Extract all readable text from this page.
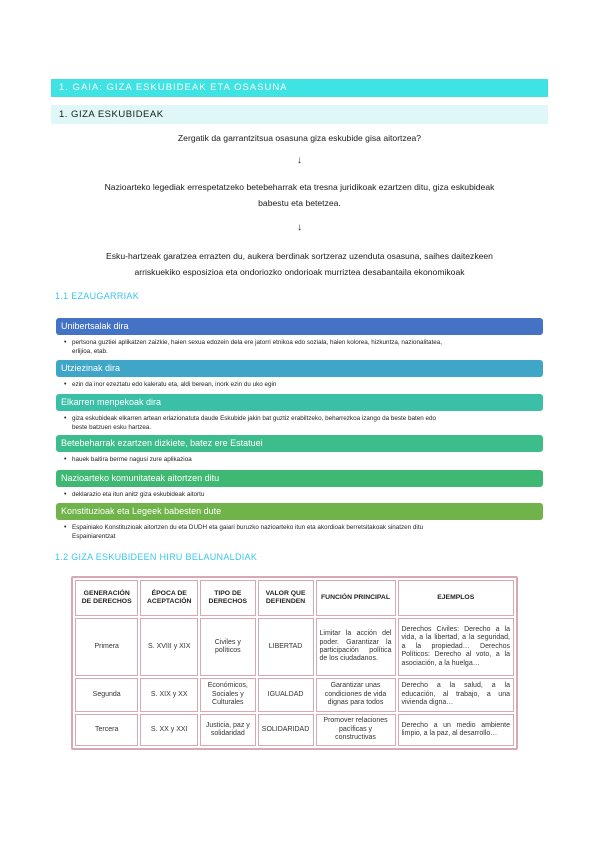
1. GAIA: GIZA ESKUBIDEAK ETA OSASUNA
1. GIZA ESKUBIDEAK
Zergatik da garrantzitsua osasuna giza eskubide gisa aitortzea?
↓
Nazioarteko legediak errespetatzeko betebeharrak eta tresna juridikoak ezartzen ditu, giza eskubideak
babestu eta betetzea.
↓
Esku-hartzeak garatzea errazten du, aukera berdinak sortzeraz uzenduta osasuna, saihes daitezkeen
arriskuekiko esposizioa eta ondoriozko ondorioak murriztea desabantaila ekonomikoak
1.1 EZAUGARRIAK
Unibertsalak dira
• pertsona guztiei aplikatzen zaizkie, haien sexua edozein dela ere jatorri etnikoa edo soziala, haien kolorea, hizkuntza, nazionalitatea,
erlijioa, etab.
Utziezinak dira
• ezin da inor ezeztatu edo kaleratu eta, aldi berean, inork ezin du uko egin
Elkarren menpekoak dira
• giza eskubideak elkarren artean erlazionatuta daude Eskubide jakin bat guztiz erabiltzeko, beharrezkoa izango da beste baten edo
beste batzuen esku hartzea.
Betebeharrak ezartzen dizkiete, batez ere Estatuei
• hauek baitira berme nagusi zure aplikazioa
Nazioarteko komunitateak aitortzen ditu
• deklarazio eta itun anitz giza eskubideak aitortu
Konstituzioak eta Legeek babesten dute
• Espainiako Konstituzioak aitortzen du eta DUDH eta gaiari buruzko nazioarteko itun eta akordioak berretsitakoak sinatzen ditu
Espainiarentzat
1.2 GIZA ESKUBIDEEN HIRU BELAUNALDIAK
GENERACIÓN DE DERECHOS	ÉPOCA DE ACEPTACIÓN	TIPO DE DERECHOS	VALOR QUE DEFIENDEN	FUNCIÓN PRINCIPAL	EJEMPLOS
Primera	S. XVIII y XIX	Civiles y políticos	LIBERTAD	Limitar la acción del poder. Garantizar la participación política de los ciudadanos.	Derechos Civiles: Derecho a la vida, a la libertad, a la seguridad, a la propiedad… Derechos Políticos: Derecho al voto, a la asociación, a la huelga…
Segunda	S. XIX y XX	Económicos, Sociales y Culturales	IGUALDAD	Garantizar unas condiciones de vida dignas para todos	Derecho a la salud, a la educación, al trabajo, a una vivienda digna…
Tercera	S. XX y XXI	Justicia, paz y solidaridad	SOLIDARIDAD	Promover relaciones pacíficas y constructivas	Derecho a un medio ambiente limpio, a la paz, al desarrollo…
